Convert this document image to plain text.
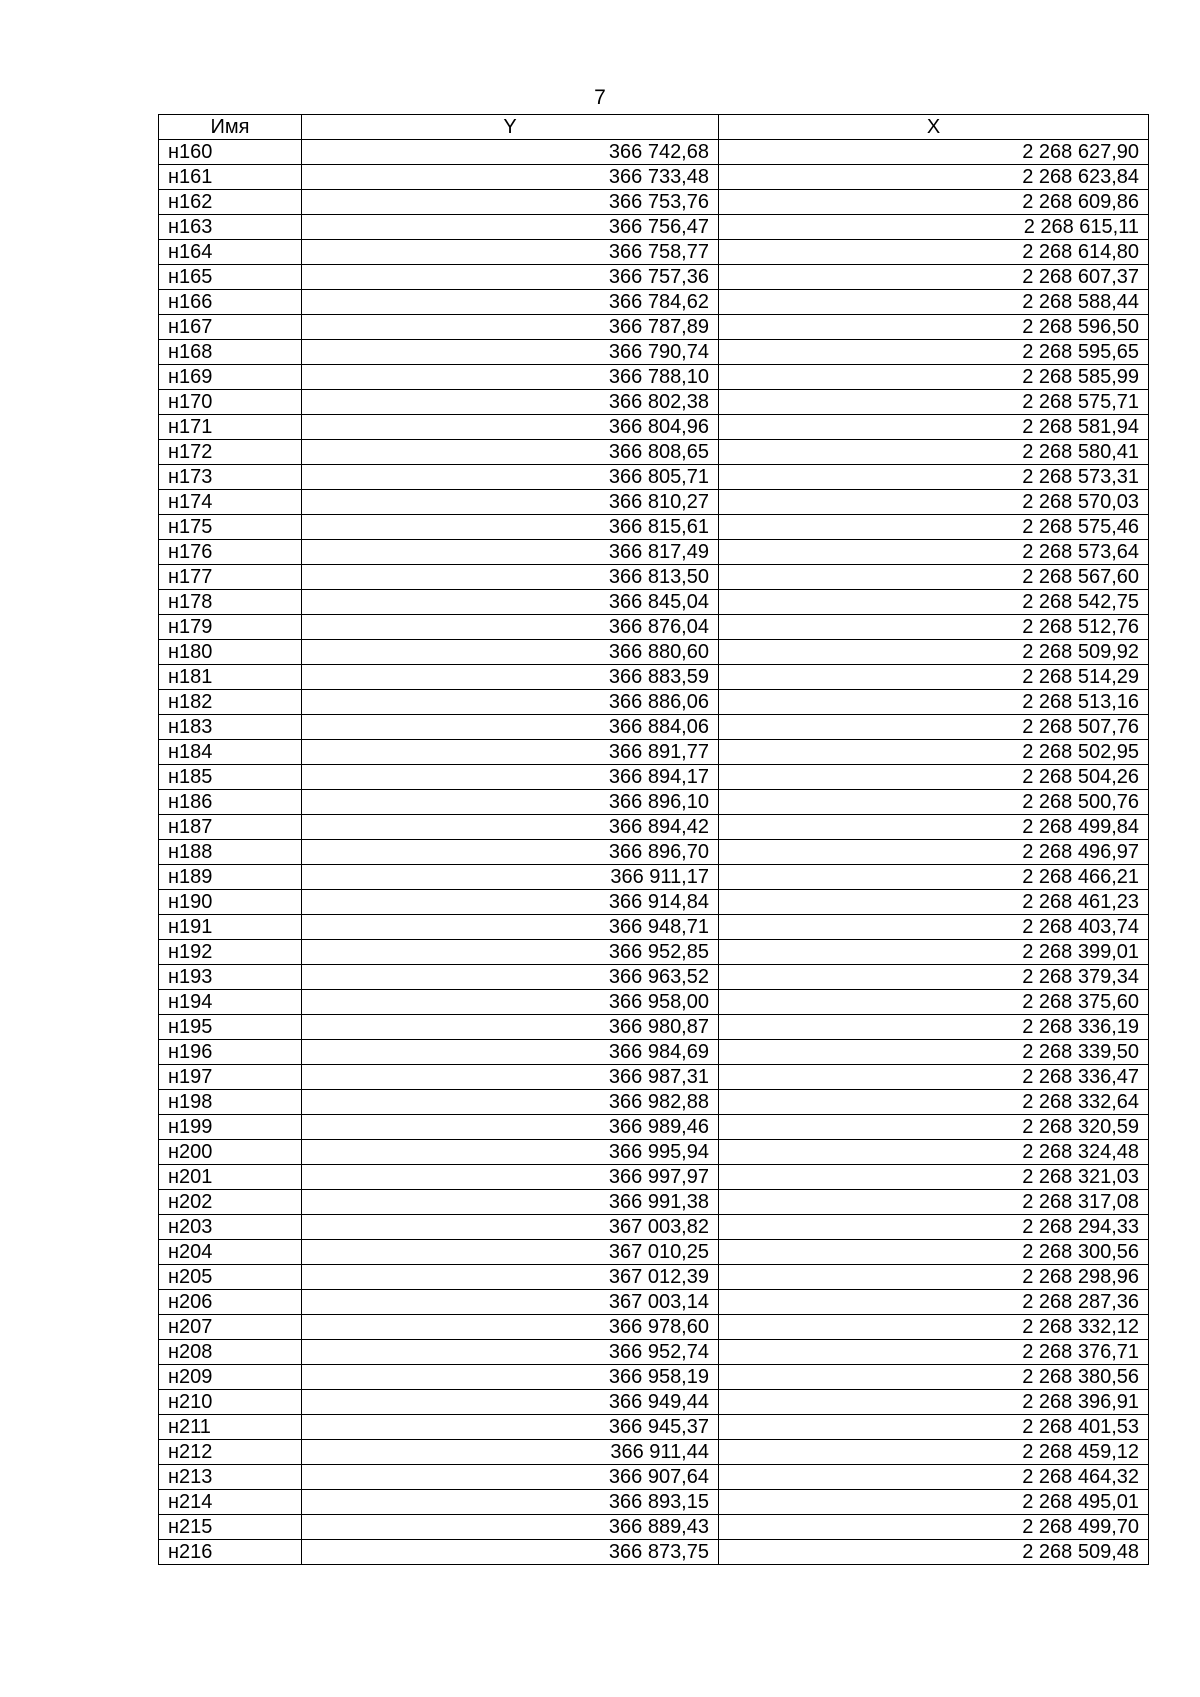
7
Имя	Y	X
н160	366 742,68	2 268 627,90
н161	366 733,48	2 268 623,84
н162	366 753,76	2 268 609,86
н163	366 756,47	2 268 615,11
н164	366 758,77	2 268 614,80
н165	366 757,36	2 268 607,37
н166	366 784,62	2 268 588,44
н167	366 787,89	2 268 596,50
н168	366 790,74	2 268 595,65
н169	366 788,10	2 268 585,99
н170	366 802,38	2 268 575,71
н171	366 804,96	2 268 581,94
н172	366 808,65	2 268 580,41
н173	366 805,71	2 268 573,31
н174	366 810,27	2 268 570,03
н175	366 815,61	2 268 575,46
н176	366 817,49	2 268 573,64
н177	366 813,50	2 268 567,60
н178	366 845,04	2 268 542,75
н179	366 876,04	2 268 512,76
н180	366 880,60	2 268 509,92
н181	366 883,59	2 268 514,29
н182	366 886,06	2 268 513,16
н183	366 884,06	2 268 507,76
н184	366 891,77	2 268 502,95
н185	366 894,17	2 268 504,26
н186	366 896,10	2 268 500,76
н187	366 894,42	2 268 499,84
н188	366 896,70	2 268 496,97
н189	366 911,17	2 268 466,21
н190	366 914,84	2 268 461,23
н191	366 948,71	2 268 403,74
н192	366 952,85	2 268 399,01
н193	366 963,52	2 268 379,34
н194	366 958,00	2 268 375,60
н195	366 980,87	2 268 336,19
н196	366 984,69	2 268 339,50
н197	366 987,31	2 268 336,47
н198	366 982,88	2 268 332,64
н199	366 989,46	2 268 320,59
н200	366 995,94	2 268 324,48
н201	366 997,97	2 268 321,03
н202	366 991,38	2 268 317,08
н203	367 003,82	2 268 294,33
н204	367 010,25	2 268 300,56
н205	367 012,39	2 268 298,96
н206	367 003,14	2 268 287,36
н207	366 978,60	2 268 332,12
н208	366 952,74	2 268 376,71
н209	366 958,19	2 268 380,56
н210	366 949,44	2 268 396,91
н211	366 945,37	2 268 401,53
н212	366 911,44	2 268 459,12
н213	366 907,64	2 268 464,32
н214	366 893,15	2 268 495,01
н215	366 889,43	2 268 499,70
н216	366 873,75	2 268 509,48
